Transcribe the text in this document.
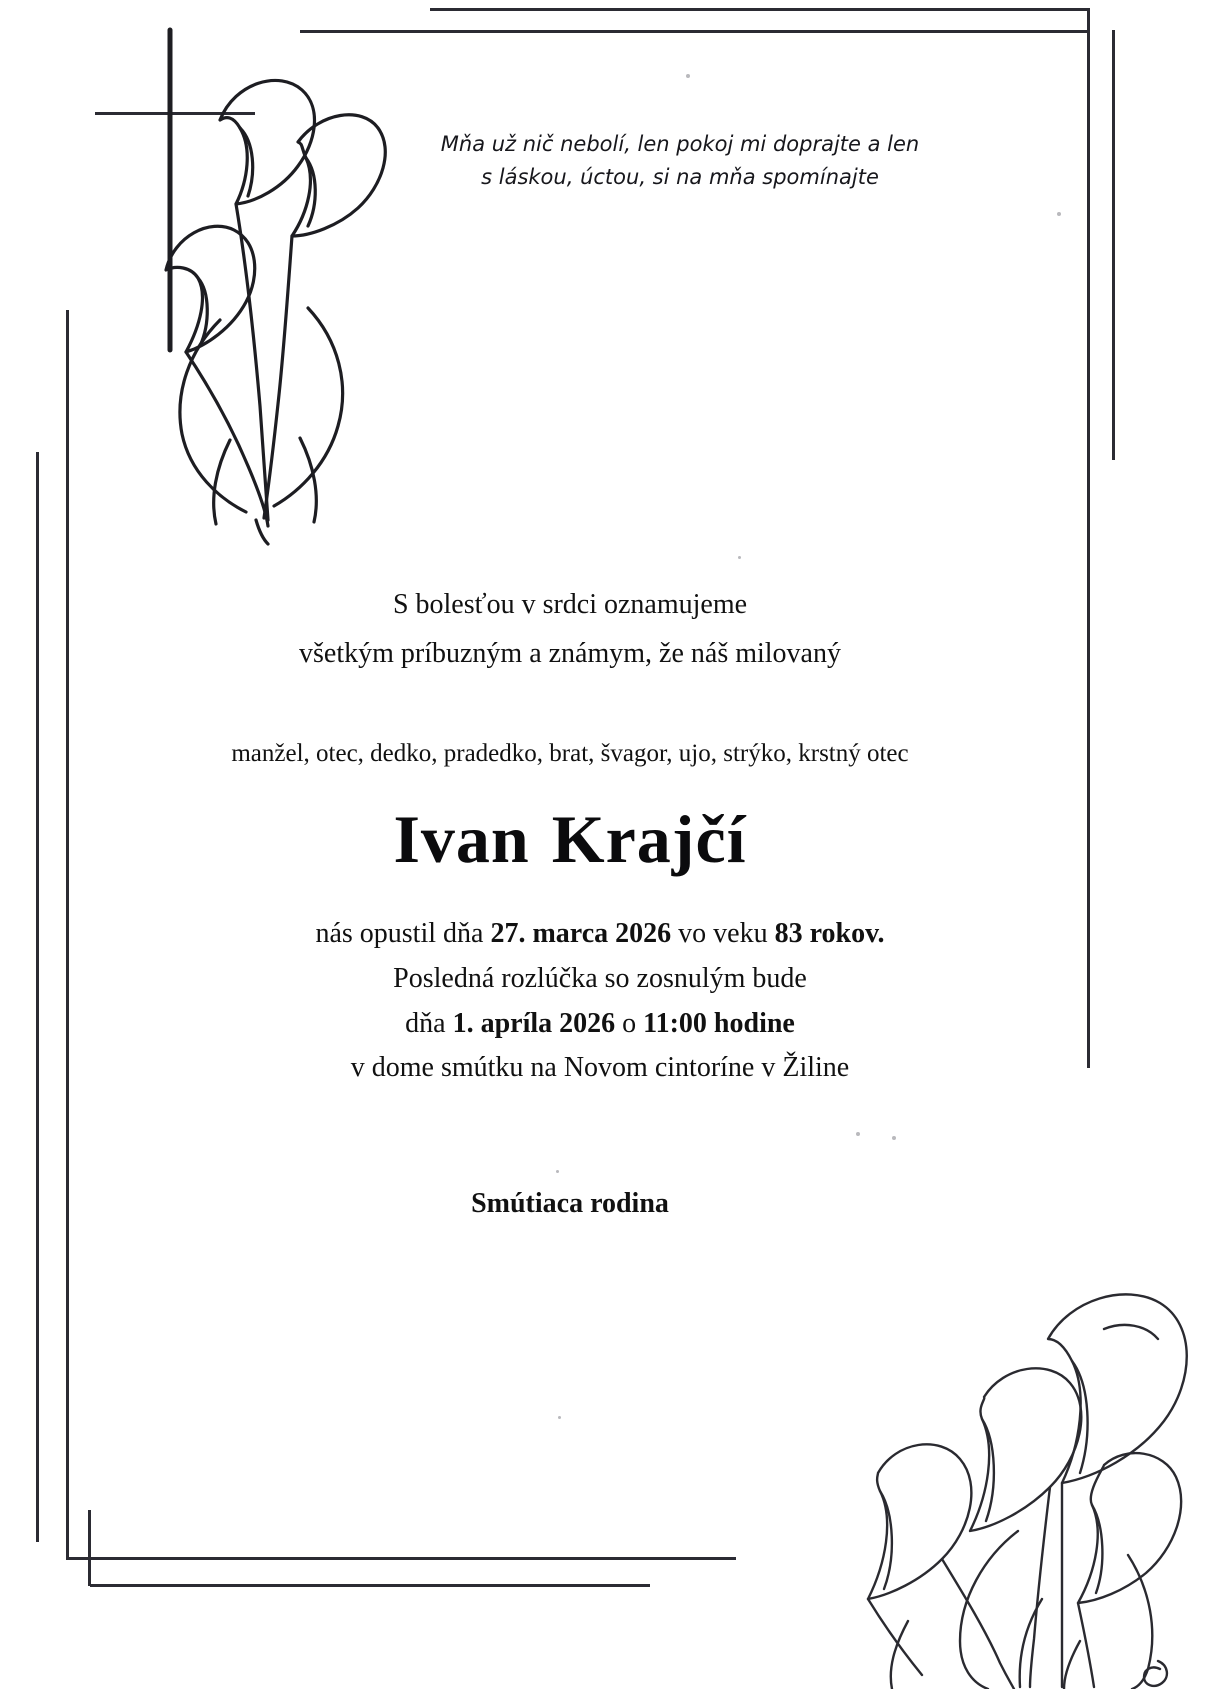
Mňa už nič nebolí, len pokoj mi doprajte a len
s láskou, úctou, si na mňa spomínajte
S bolesťou v srdci oznamujeme
všetkým príbuzným a známym, že náš milovaný
manžel, otec, dedko, pradedko, brat, švagor, ujo, strýko, krstný otec
Ivan Krajčí
nás opustil dňa 27. marca 2026 vo veku 83 rokov.
Posledná rozlúčka so zosnulým bude
dňa 1. apríla 2026 o 11:00 hodine
v dome smútku na Novom cintoríne v Žiline
Smútiaca rodina
